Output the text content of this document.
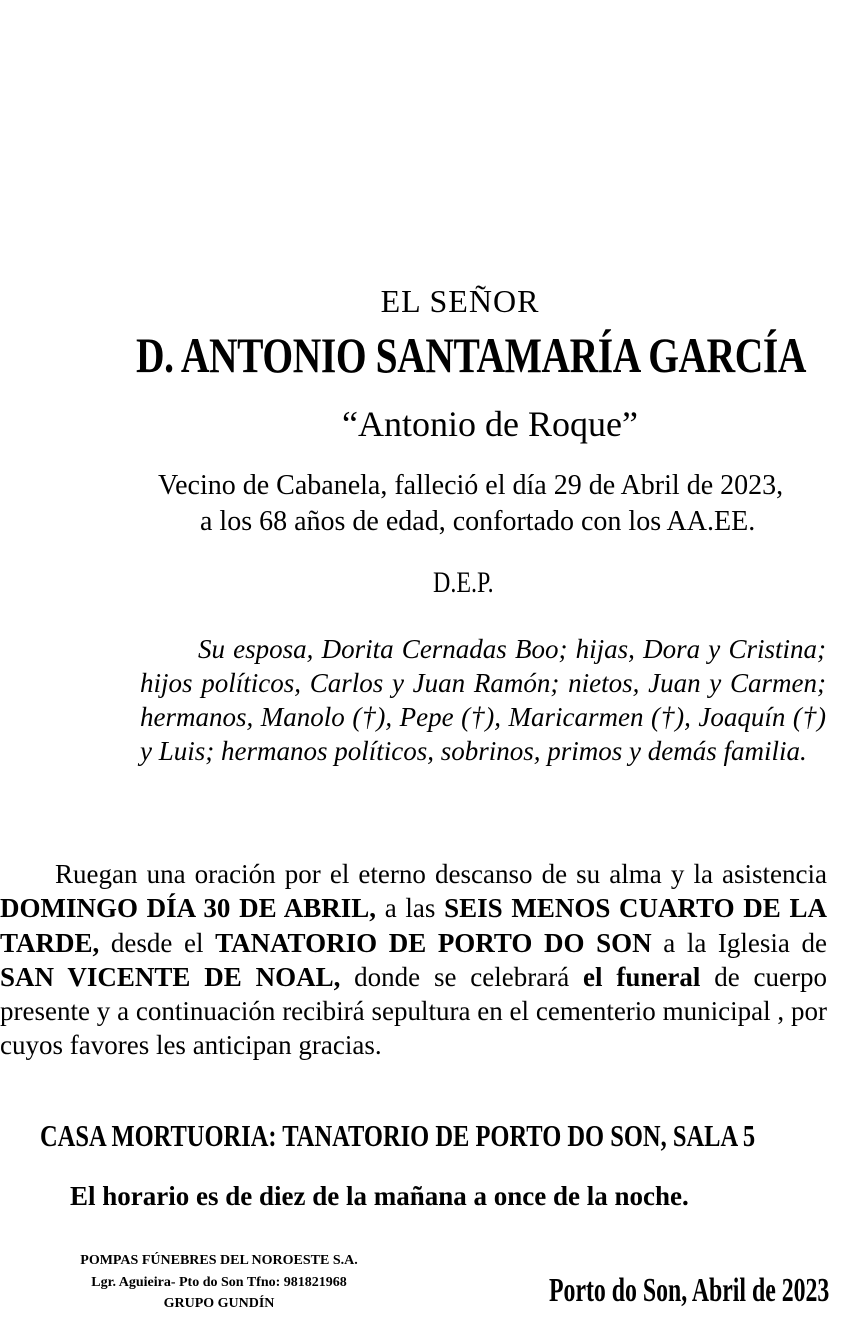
EL SEÑOR
D. ANTONIO SANTAMARÍA GARCÍA
“Antonio de Roque”
Vecino de Cabanela, falleció el día 29 de Abril de 2023,
a los 68 años de edad, confortado con los AA.EE.
D.E.P.
Su esposa, Dorita Cernadas Boo; hijas, Dora y Cristina; hijos políticos, Carlos y Juan Ramón; nietos, Juan y Carmen; hermanos, Manolo (†), Pepe (†), Maricarmen (†), Joaquín (†) y Luis; hermanos políticos, sobrinos, primos y demás familia.
Ruegan una oración por el eterno descanso de su alma y la asistencia DOMINGO DÍA 30 DE ABRIL, a las SEIS MENOS CUARTO DE LA TARDE, desde el TANATORIO DE PORTO DO SON a la Iglesia de SAN VICENTE DE NOAL, donde se celebrará el funeral de cuerpo presente y a continuación recibirá sepultura en el cementerio municipal , por cuyos favores les anticipan gracias.
CASA MORTUORIA: TANATORIO DE PORTO DO SON, SALA 5
El horario es de diez de la mañana a once de la noche.
POMPAS FÚNEBRES DEL NOROESTE S.A.
Lgr. Aguieira- Pto do Son Tfno: 981821968
GRUPO GUNDÍN	Porto do Son, Abril de 2023
